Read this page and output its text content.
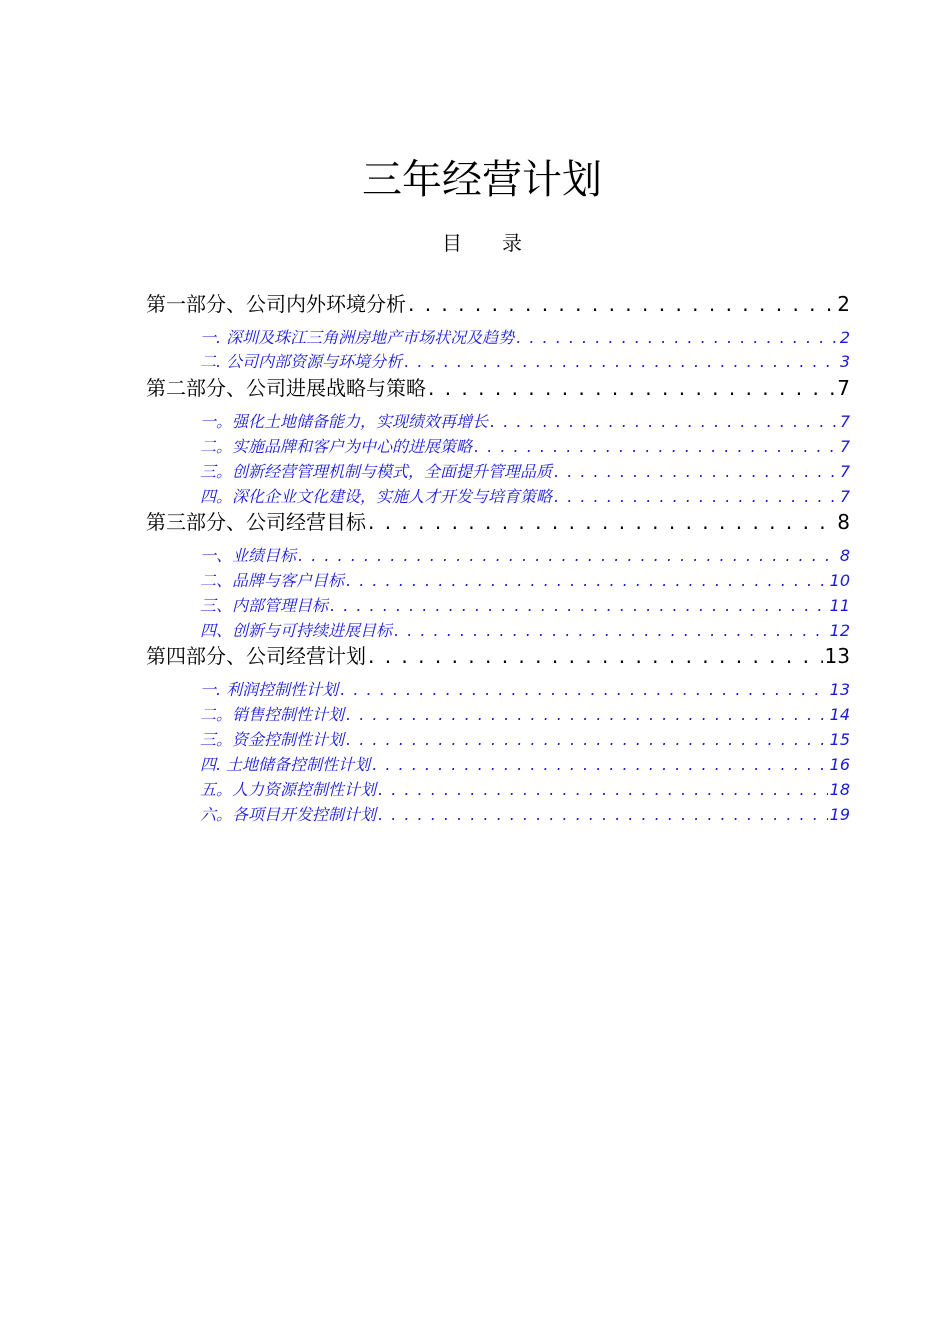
三年经营计划
目录
第一部分、公司内外环境分析 . . .	2
一. 深圳及珠江三角洲房地产市场状况及趋势 . . .	2
二. 公司内部资源与环境分析 . . .	3
第二部分、公司进展战略与策略 . . .	7
一。强化土地储备能力，实现绩效再增长 . . .	7
二。实施品牌和客户为中心的进展策略 . . .	7
三。创新经营管理机制与模式，全面提升管理品质 . . .	7
四。深化企业文化建设，实施人才开发与培育策略 . . .	7
第三部分、公司经营目标 . . .	8
一、业绩目标 . . .	8
二、品牌与客户目标 . . .	10
三、内部管理目标 . . .	11
四、创新与可持续进展目标 . . .	12
第四部分、公司经营计划 . . .	13
一. 利润控制性计划 . . .	13
二。销售控制性计划 . . .	14
三。资金控制性计划 . . .	15
四. 土地储备控制性计划 . . .	16
五。人力资源控制性计划 . . .	18
六。各项目开发控制计划 . . .	19
